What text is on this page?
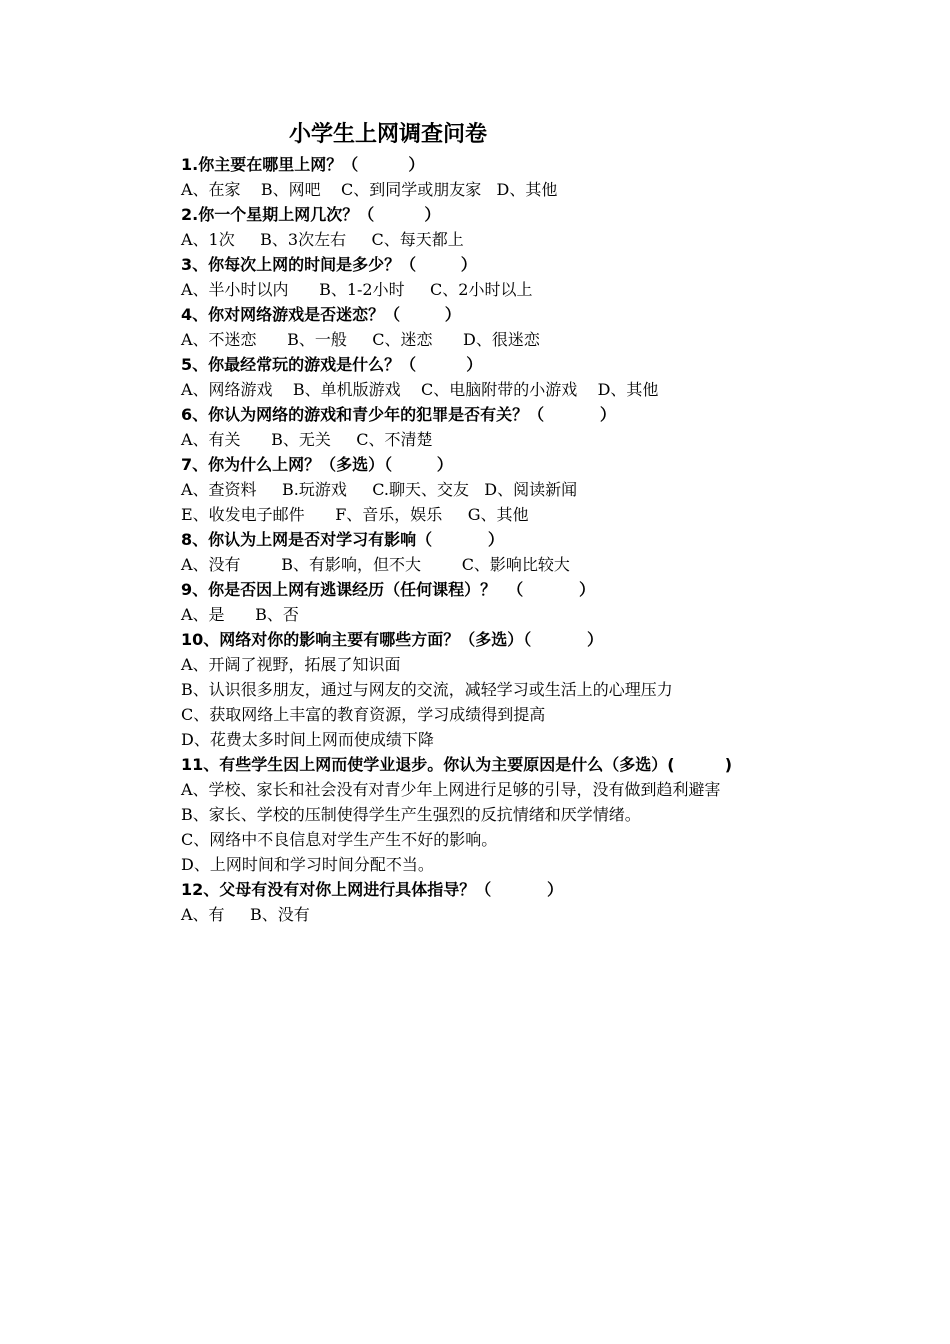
小学生上网调查问卷
1.你主要在哪里上网？（         ）
A、在家    B、网吧    C、到同学或朋友家   D、其他
2.你一个星期上网几次？（         ）
A、1次     B、3次左右     C、每天都上
3、你每次上网的时间是多少？（        ）
A、半小时以内      B、1-2小时     C、2小时以上
4、你对网络游戏是否迷恋？（        ）
A、不迷恋      B、一般     C、迷恋      D、很迷恋
5、你最经常玩的游戏是什么？（         ）
A、网络游戏    B、单机版游戏    C、电脑附带的小游戏    D、其他
6、你认为网络的游戏和青少年的犯罪是否有关？（          ）
A、有关      B、无关     C、不清楚
7、你为什么上网？（多选）（        ）
A、查资料     B.玩游戏     C.聊天、交友   D、阅读新闻
E、收发电子邮件      F、音乐，娱乐     G、其他
8、你认为上网是否对学习有影响（          ）
A、没有        B、有影响，但不大        C、影响比较大
9、你是否因上网有逃课经历（任何课程）？  （          ）
A、是      B、否
10、网络对你的影响主要有哪些方面？（多选）（          ）
A、开阔了视野，拓展了知识面
B、认识很多朋友，通过与网友的交流，减轻学习或生活上的心理压力
C、获取网络上丰富的教育资源，学习成绩得到提高
D、花费太多时间上网而使成绩下降
11、有些学生因上网而使学业退步。你认为主要原因是什么（多选）(         )
A、学校、家长和社会没有对青少年上网进行足够的引导，没有做到趋利避害
B、家长、学校的压制使得学生产生强烈的反抗情绪和厌学情绪。
C、网络中不良信息对学生产生不好的影响。
D、上网时间和学习时间分配不当。
12、父母有没有对你上网进行具体指导？（          ）
A、有     B、没有
